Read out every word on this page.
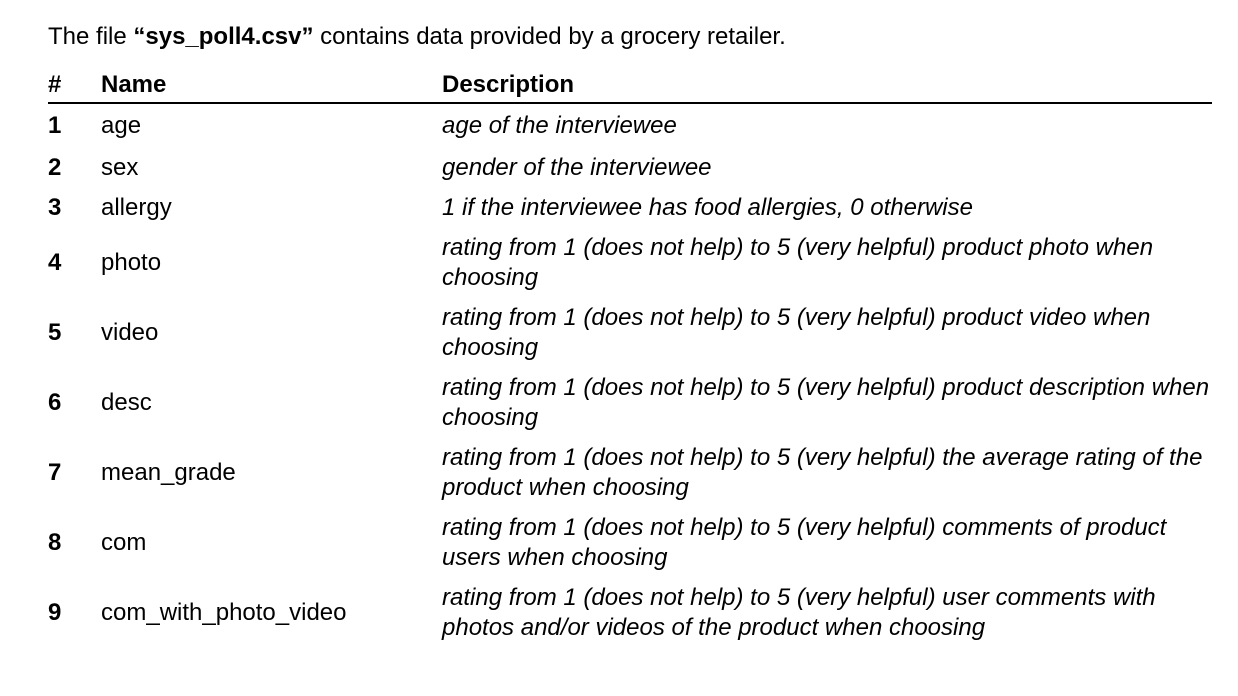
The file “sys_poll4.csv” contains data provided by a grocery retailer.
#	Name	Description
1	age	age of the interviewee
2	sex	gender of the interviewee
3	allergy	1 if the interviewee has food allergies, 0 otherwise
4	photo	rating from 1 (does not help) to 5 (very helpful) product photo when choosing
5	video	rating from 1 (does not help) to 5 (very helpful) product video when choosing
6	desc	rating from 1 (does not help) to 5 (very helpful) product description when choosing
7	mean_grade	rating from 1 (does not help) to 5 (very helpful) the average rating of the product when choosing
8	com	rating from 1 (does not help) to 5 (very helpful) comments of product users when choosing
9	com_with_photo_video	rating from 1 (does not help) to 5 (very helpful) user comments with photos and/or videos of the product when choosing
